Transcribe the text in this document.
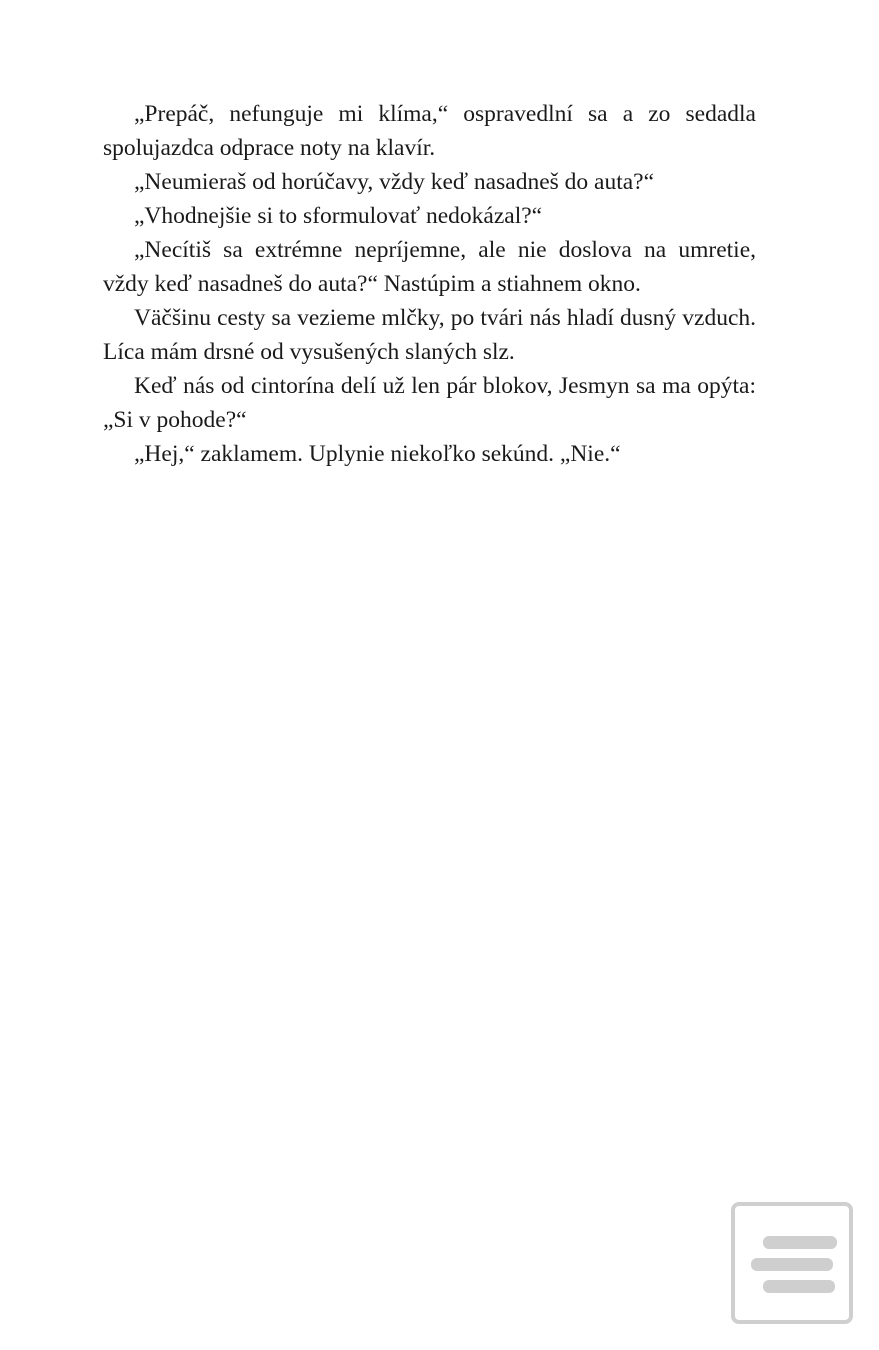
„Prepáč, nefunguje mi klíma,“ ospravedlní sa a zo sedadla spolujazdca odprace noty na klavír.

„Neumieraš od horúčavy, vždy keď nasadneš do auta?“

„Vhodnejšie si to sformulovať nedokázal?“

„Necítiš sa extrémne nepríjemne, ale nie doslova na umretie, vždy keď nasadneš do auta?“ Nastúpim a stiahnem okno.

Väčšinu cesty sa vezieme mlčky, po tvári nás hladí dusný vzduch. Líca mám drsné od vysušených slaných slz.

Keď nás od cintorína delí už len pár blokov, Jesmyn sa ma opýta: „Si v pohode?“

„Hej,“ zaklamem. Uplynie niekoľko sekúnd. „Nie.“
